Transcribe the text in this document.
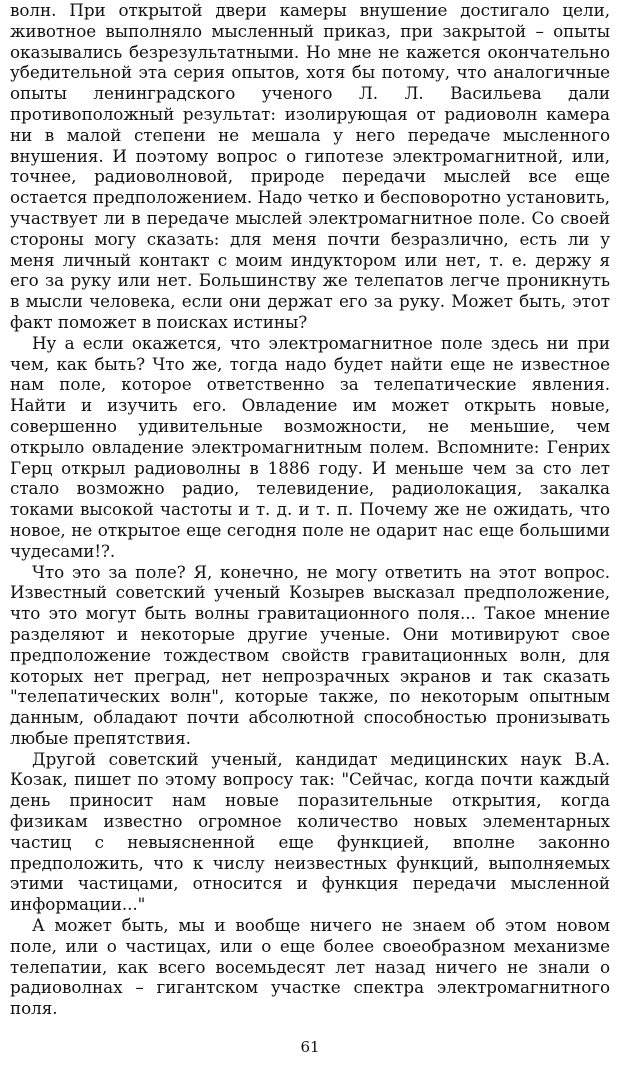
волн. При открытой двери камеры внушение достигало цели, животное выполняло мысленный приказ, при закрытой – опыты оказывались безрезультатными. Но мне не кажется окончательно убедительной эта серия опытов, хотя бы потому, что аналогичные опыты ленинградского ученого Л. Л. Васильева дали противоположный результат: изолирующая от радиоволн камера ни в малой степени не мешала у него передаче мысленного внушения. И поэтому вопрос о гипотезе электромагнитной, или, точнее, радиоволновой, природе передачи мыслей все еще остается предположением. Надо четко и бесповоротно установить, участвует ли в передаче мыслей электромагнитное поле. Со своей стороны могу сказать: для меня почти безразлично, есть ли у меня личный контакт с моим индуктором или нет, т. е. держу я его за руку или нет. Большинству же телепатов легче проникнуть в мысли человека, если они держат его за руку. Может быть, этот факт поможет в поисках истины?

Ну а если окажется, что электромагнитное поле здесь ни при чем, как быть? Что же, тогда надо будет найти еще не известное нам поле, которое ответственно за телепатические явления. Найти и изучить его. Овладение им может открыть новые, совершенно удивительные возможности, не меньшие, чем открыло овладение электромагнитным полем. Вспомните: Генрих Герц открыл радиоволны в 1886 году. И меньше чем за сто лет стало возможно радио, телевидение, радиолокация, закалка токами высокой частоты и т. д. и т. п. Почему же не ожидать, что новое, не открытое еще сегодня поле не одарит нас еще большими чудесами!?.

Что это за поле? Я, конечно, не могу ответить на этот вопрос. Известный советский ученый Козырев высказал предположение, что это могут быть волны гравитационного поля... Такое мнение разделяют и некоторые другие ученые. Они мотивируют свое предположение тождеством свойств гравитационных волн, для которых нет преград, нет непрозрачных экранов и так сказать "телепатических волн", которые также, по некоторым опытным данным, обладают почти абсолютной способностью пронизывать любые препятствия.

Другой советский ученый, кандидат медицинских наук В.А. Козак, пишет по этому вопросу так: "Сейчас, когда почти каждый день приносит нам новые поразительные открытия, когда физикам известно огромное количество новых элементарных частиц с невыясненной еще функцией, вполне законно предположить, что к числу неизвестных функций, выполняемых этими частицами, относится и функция передачи мысленной информации..."

А может быть, мы и вообще ничего не знаем об этом новом поле, или о частицах, или о еще более своеобразном механизме телепатии, как всего восемьдесят лет назад ничего не знали о радиоволнах – гигантском участке спектра электромагнитного поля.

61
